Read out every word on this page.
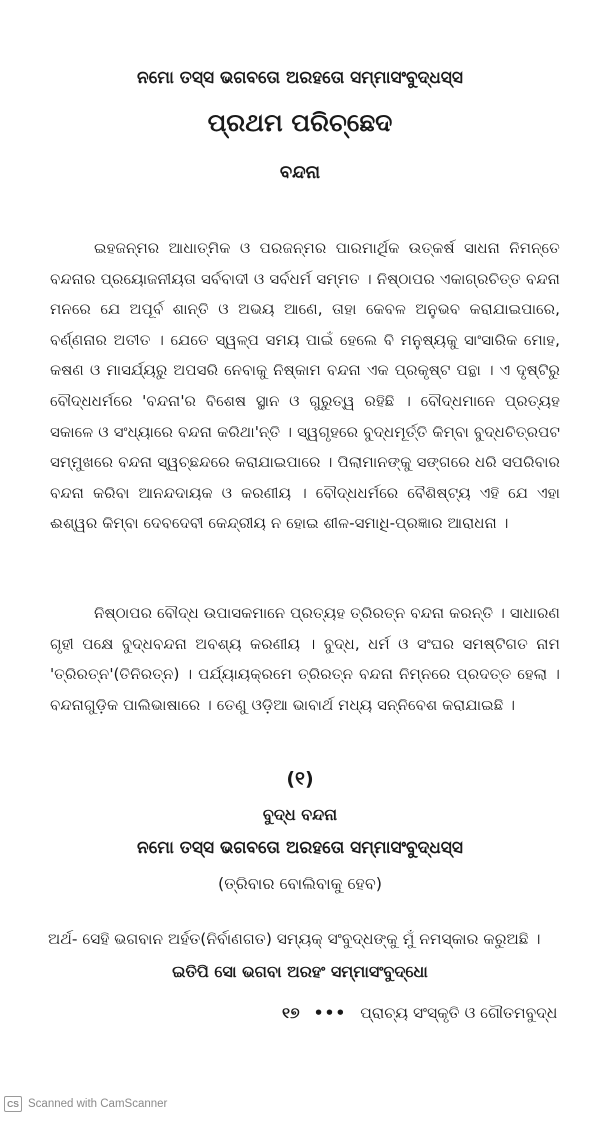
ନମୋ ତସ୍ସ ଭଗବତୋ ଅରହତୋ ସମ୍ମାସଂବୁଦ୍ଧସ୍ସ
ପ୍ରଥମ ପରିଚ୍ଛେଦ
ବନ୍ଦନା

ଇହଜନ୍ମର ଆଧାତ୍ମିକ ଓ ପରଜନ୍ମର ପାରମାର୍ଥିକ ଉତ୍କର୍ଷ ସାଧନା ନିମନ୍ତେ ବନ୍ଦନାର ପ୍ରୟୋଜନୀୟତା ସର୍ବବାଦୀ ଓ ସର୍ବଧର୍ମ ସମ୍ମତ । ନିଷ୍ଠାପର ଏକାଗ୍ରଚିତ୍ତ ବନ୍ଦନା ମନରେ ଯେ ଅପୂର୍ବ ଶାନ୍ତି ଓ ଅଭୟ ଆଣେ, ତାହା କେବଳ ଅନୁଭବ କରାଯାଇପାରେ, ବର୍ଣ୍ଣନାର ଅତୀତ । ଯେତେ ସ୍ୱଳ୍ପ ସମୟ ପାଇଁ ହେଲେ ବି ମନୁଷ୍ୟକୁ ସାଂସାରିକ ମୋହ, କଷଣ ଓ ମାସର୍ଯ୍ୟରୁ ଅପସରି ନେବାକୁ ନିଷ୍କାମ ବନ୍ଦନା ଏକ ପ୍ରକୃଷ୍ଟ ପନ୍ଥା । ଏ ଦୃଷ୍ଟିରୁ ବୌଦ୍ଧଧର୍ମରେ 'ବନ୍ଦନା'ର ବିଶେଷ ସ୍ଥାନ ଓ ଗୁରୁତ୍ୱ ରହିଛି । ବୌଦ୍ଧମାନେ ପ୍ରତ୍ୟହ ସକାଳେ ଓ ସଂଧ୍ୟାରେ ବନ୍ଦନା କରିଥା'ନ୍ତି । ସ୍ୱଗୃହରେ ବୁଦ୍ଧମୂର୍ତ୍ତି କିମ୍ବା ବୁଦ୍ଧଚିତ୍ରପଟ ସମ୍ମୁଖରେ ବନ୍ଦନା ସ୍ୱଚ୍ଛନ୍ଦରେ କରାଯାଇପାରେ । ପିଲାମାନଙ୍କୁ ସଙ୍ଗରେ ଧରି ସପରିବାର ବନ୍ଦନା କରିବା ଆନନ୍ଦଦାୟକ ଓ କରଣୀୟ । ବୌଦ୍ଧଧର୍ମରେ ବୈଶିଷ୍ଟ୍ୟ ଏହି ଯେ ଏହା ଈଶ୍ୱର କିମ୍ବା ଦେବଦେବୀ କେନ୍ଦ୍ରୀୟ ନ ହୋଇ ଶୀଳ-ସମାଧି-ପ୍ରଜ୍ଞାର ଆରାଧନା ।

ନିଷ୍ଠାପର ବୌଦ୍ଧ ଉପାସକମାନେ ପ୍ରତ୍ୟହ ତ୍ରିରତ୍ନ ବନ୍ଦନା କରନ୍ତି । ସାଧାରଣ ଗୃହୀ ପକ୍ଷେ ବୁଦ୍ଧବନ୍ଦନା ଅବଶ୍ୟ କରଣୀୟ । ବୁଦ୍ଧ, ଧର୍ମ ଓ ସଂଘର ସମଷ୍ଟିଗତ ନାମ 'ତ୍ରିରତ୍ନ'(ତିନିରତ୍ନ) । ପର୍ଯ୍ୟାୟକ୍ରମେ ତ୍ରିରତ୍ନ ବନ୍ଦନା ନିମ୍ନରେ ପ୍ରଦତ୍ତ ହେଲା । ବନ୍ଦନାଗୁଡ଼ିକ ପାଲିଭାଷାରେ । ତେଣୁ ଓଡ଼ିଆ ଭାବାର୍ଥ ମଧ୍ୟ ସନ୍ନିବେଶ କରାଯାଇଛି ।

(୧)
ବୁଦ୍ଧ ବନ୍ଦନା
ନମୋ ତସ୍ସ ଭଗବତୋ ଅରହତୋ ସମ୍ମାସଂବୁଦ୍ଧସ୍ସ
(ତ୍ରିବାର ବୋଲିବାକୁ ହେବ)
ଅର୍ଥ- ସେହି ଭଗବାନ ଅର୍ହତ(ନିର୍ବାଣଗତ) ସମ୍ୟକ୍ ସଂବୁଦ୍ଧଙ୍କୁ ମୁଁ ନମସ୍କାର କରୁଅଛି ।
ଇତିପି ସୋ ଭଗବା ଅରହଂ ସମ୍ମାସଂବୁଦ୍ଧୋ
୧୭ ••• ପ୍ରାଚ୍ୟ ସଂସ୍କୃତି ଓ ଗୌତମବୁଦ୍ଧ
CS Scanned with CamScanner
